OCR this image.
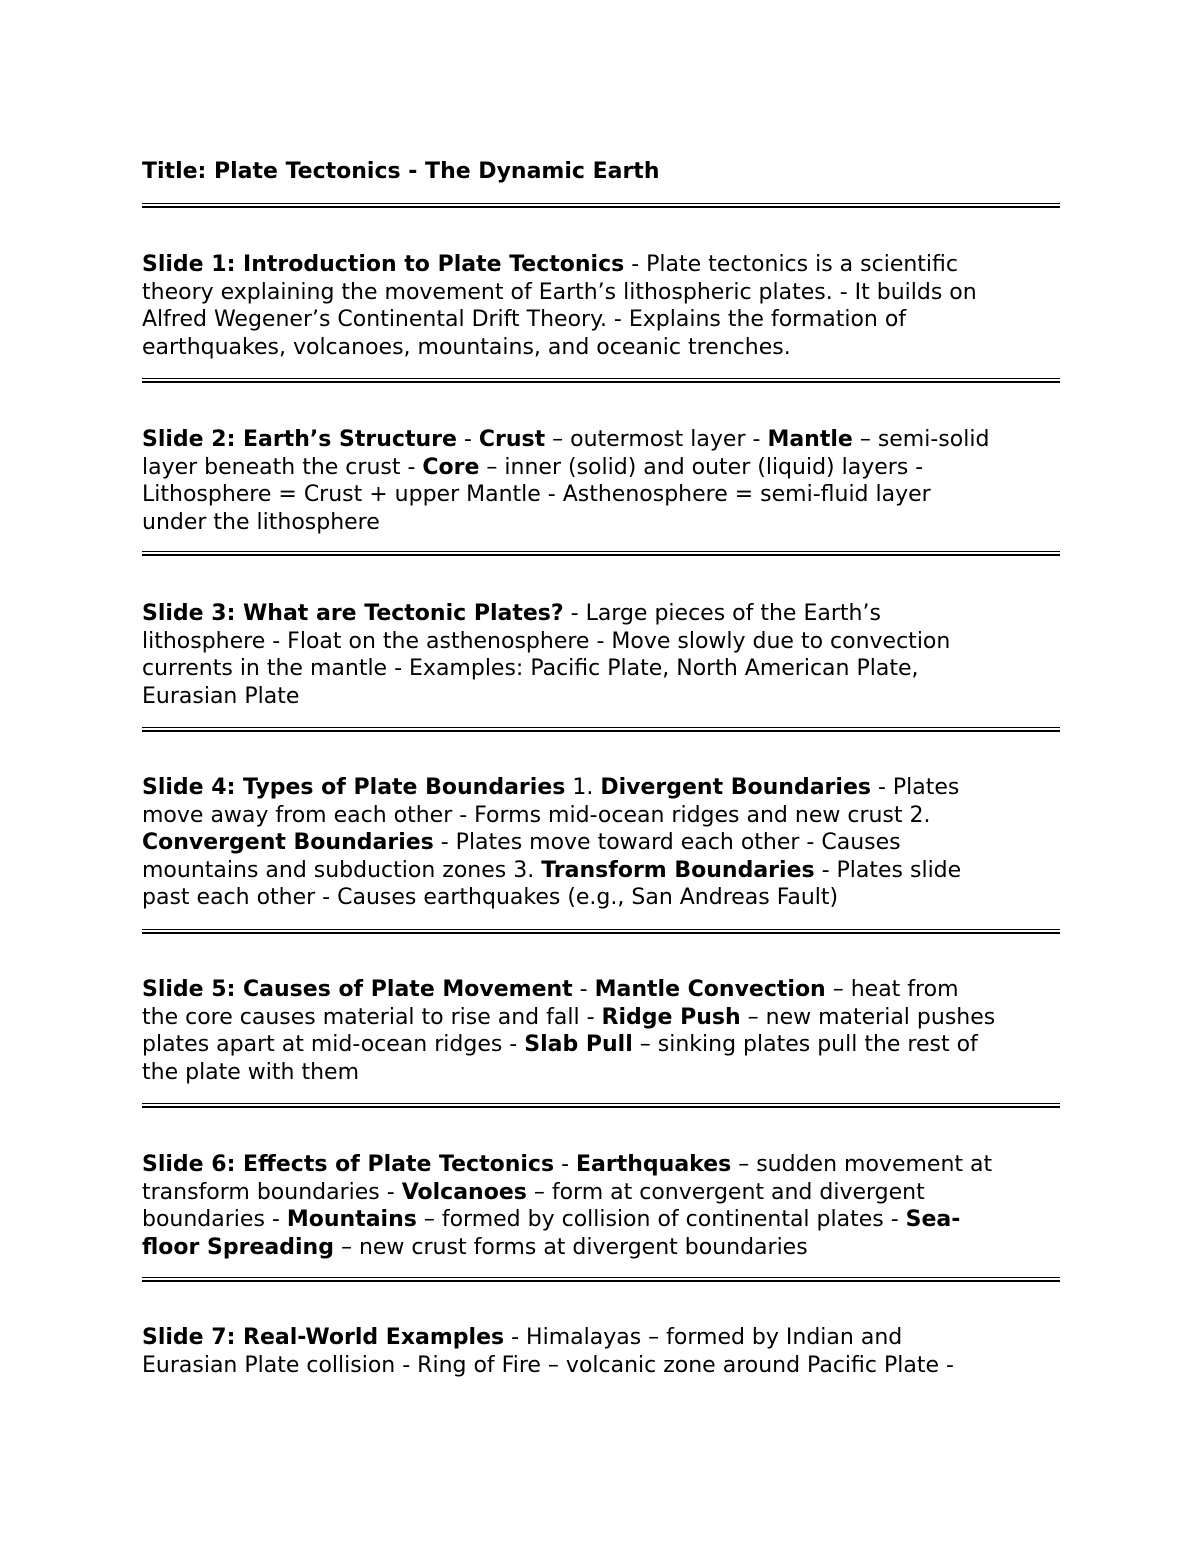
Title: Plate Tectonics - The Dynamic Earth
Slide 1: Introduction to Plate Tectonics - Plate tectonics is a scientific
theory explaining the movement of Earth’s lithospheric plates. - It builds on
Alfred Wegener’s Continental Drift Theory. - Explains the formation of
earthquakes, volcanoes, mountains, and oceanic trenches.
Slide 2: Earth’s Structure - Crust – outermost layer - Mantle – semi-solid
layer beneath the crust - Core – inner (solid) and outer (liquid) layers -
Lithosphere = Crust + upper Mantle - Asthenosphere = semi-fluid layer
under the lithosphere
Slide 3: What are Tectonic Plates? - Large pieces of the Earth’s
lithosphere - Float on the asthenosphere - Move slowly due to convection
currents in the mantle - Examples: Pacific Plate, North American Plate,
Eurasian Plate
Slide 4: Types of Plate Boundaries 1. Divergent Boundaries - Plates
move away from each other - Forms mid-ocean ridges and new crust 2.
Convergent Boundaries - Plates move toward each other - Causes
mountains and subduction zones 3. Transform Boundaries - Plates slide
past each other - Causes earthquakes (e.g., San Andreas Fault)
Slide 5: Causes of Plate Movement - Mantle Convection – heat from
the core causes material to rise and fall - Ridge Push – new material pushes
plates apart at mid-ocean ridges - Slab Pull – sinking plates pull the rest of
the plate with them
Slide 6: Effects of Plate Tectonics - Earthquakes – sudden movement at
transform boundaries - Volcanoes – form at convergent and divergent
boundaries - Mountains – formed by collision of continental plates - Sea-
floor Spreading – new crust forms at divergent boundaries
Slide 7: Real-World Examples - Himalayas – formed by Indian and
Eurasian Plate collision - Ring of Fire – volcanic zone around Pacific Plate -
